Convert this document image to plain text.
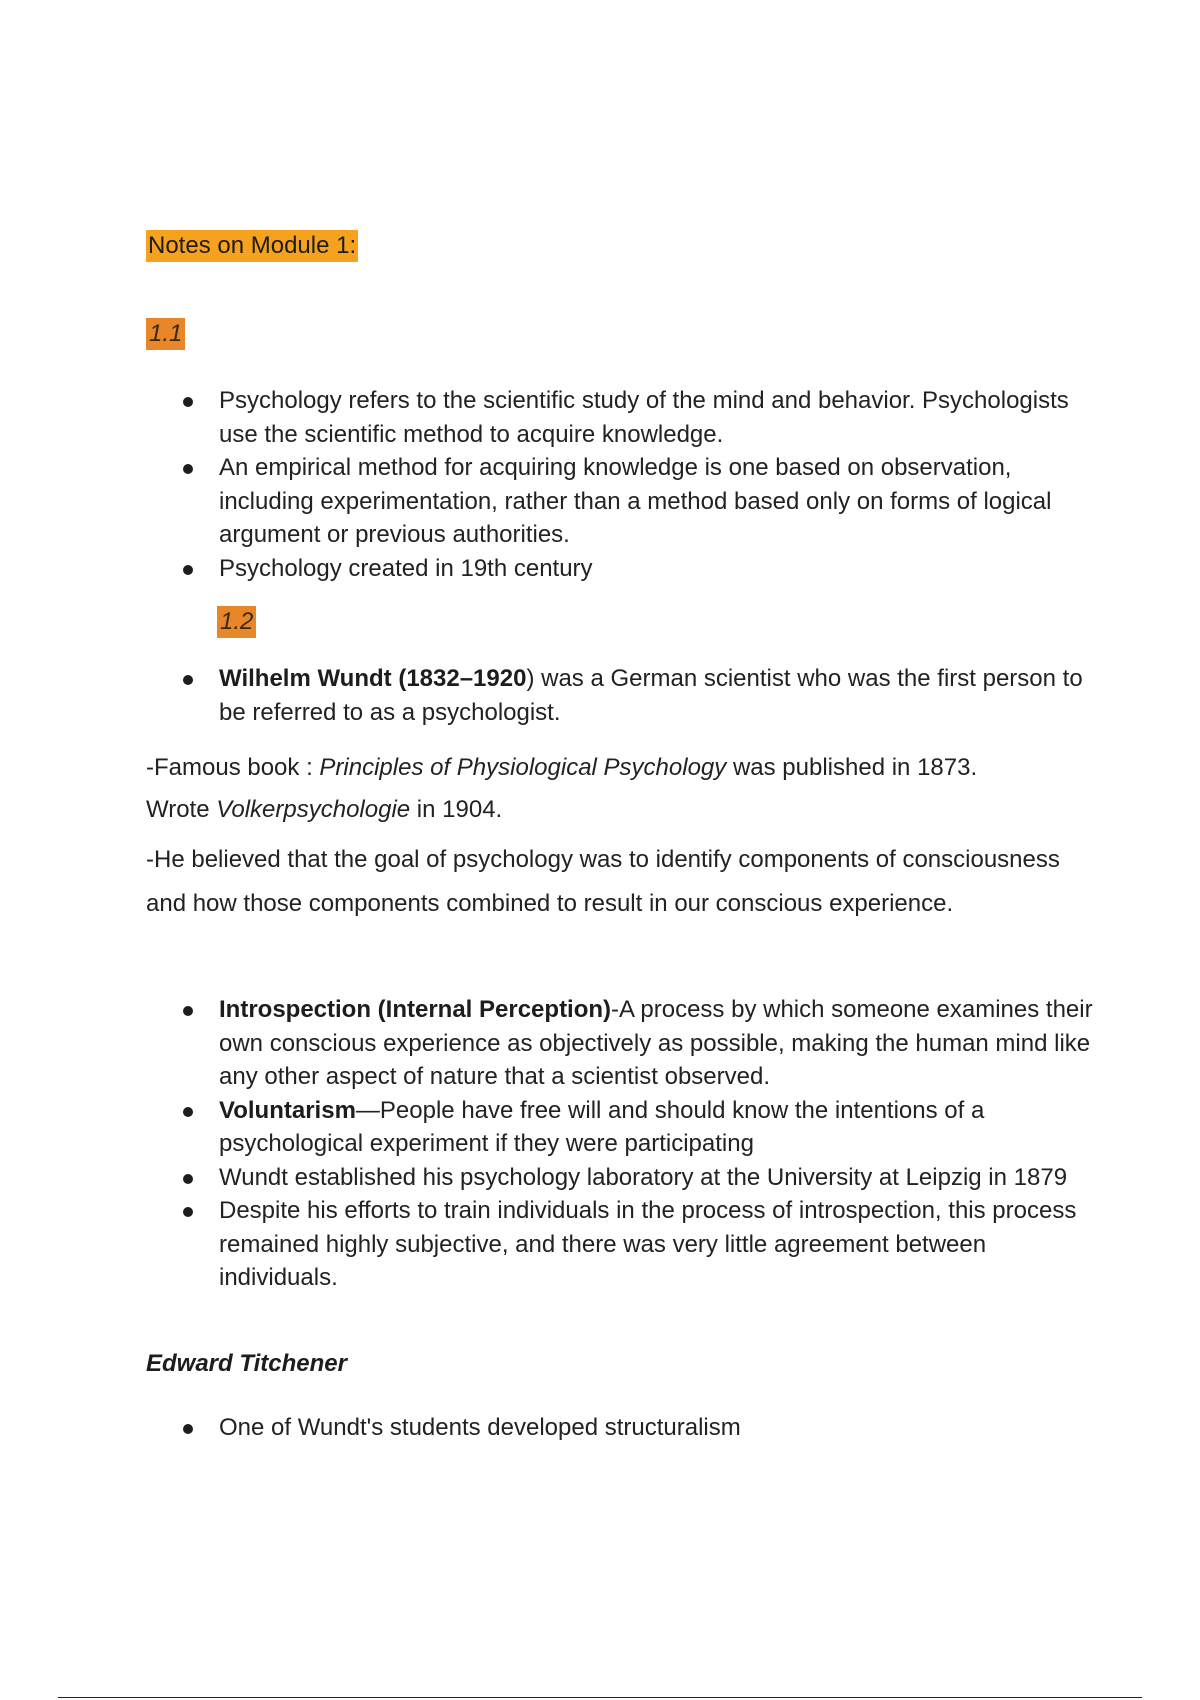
Notes on Module 1:
1.1
Psychology refers to the scientific study of the mind and behavior. Psychologists use the scientific method to acquire knowledge.
An empirical method for acquiring knowledge is one based on observation, including experimentation, rather than a method based only on forms of logical argument or previous authorities.
Psychology created in 19th century
1.2
Wilhelm Wundt (1832–1920) was a German scientist who was the first person to be referred to as a psychologist.

-Famous book : Principles of Physiological Psychology was published in 1873.

Wrote Volkerpsychologie in 1904.

-He believed that the goal of psychology was to identify components of consciousness and how those components combined to result in our conscious experience.

Introspection (Internal Perception)-A process by which someone examines their own conscious experience as objectively as possible, making the human mind like any other aspect of nature that a scientist observed.
Voluntarism—People have free will and should know the intentions of a psychological experiment if they were participating
Wundt established his psychology laboratory at the University at Leipzig in 1879
Despite his efforts to train individuals in the process of introspection, this process remained highly subjective, and there was very little agreement between individuals.
Edward Titchener
One of Wundt's students developed structuralism
